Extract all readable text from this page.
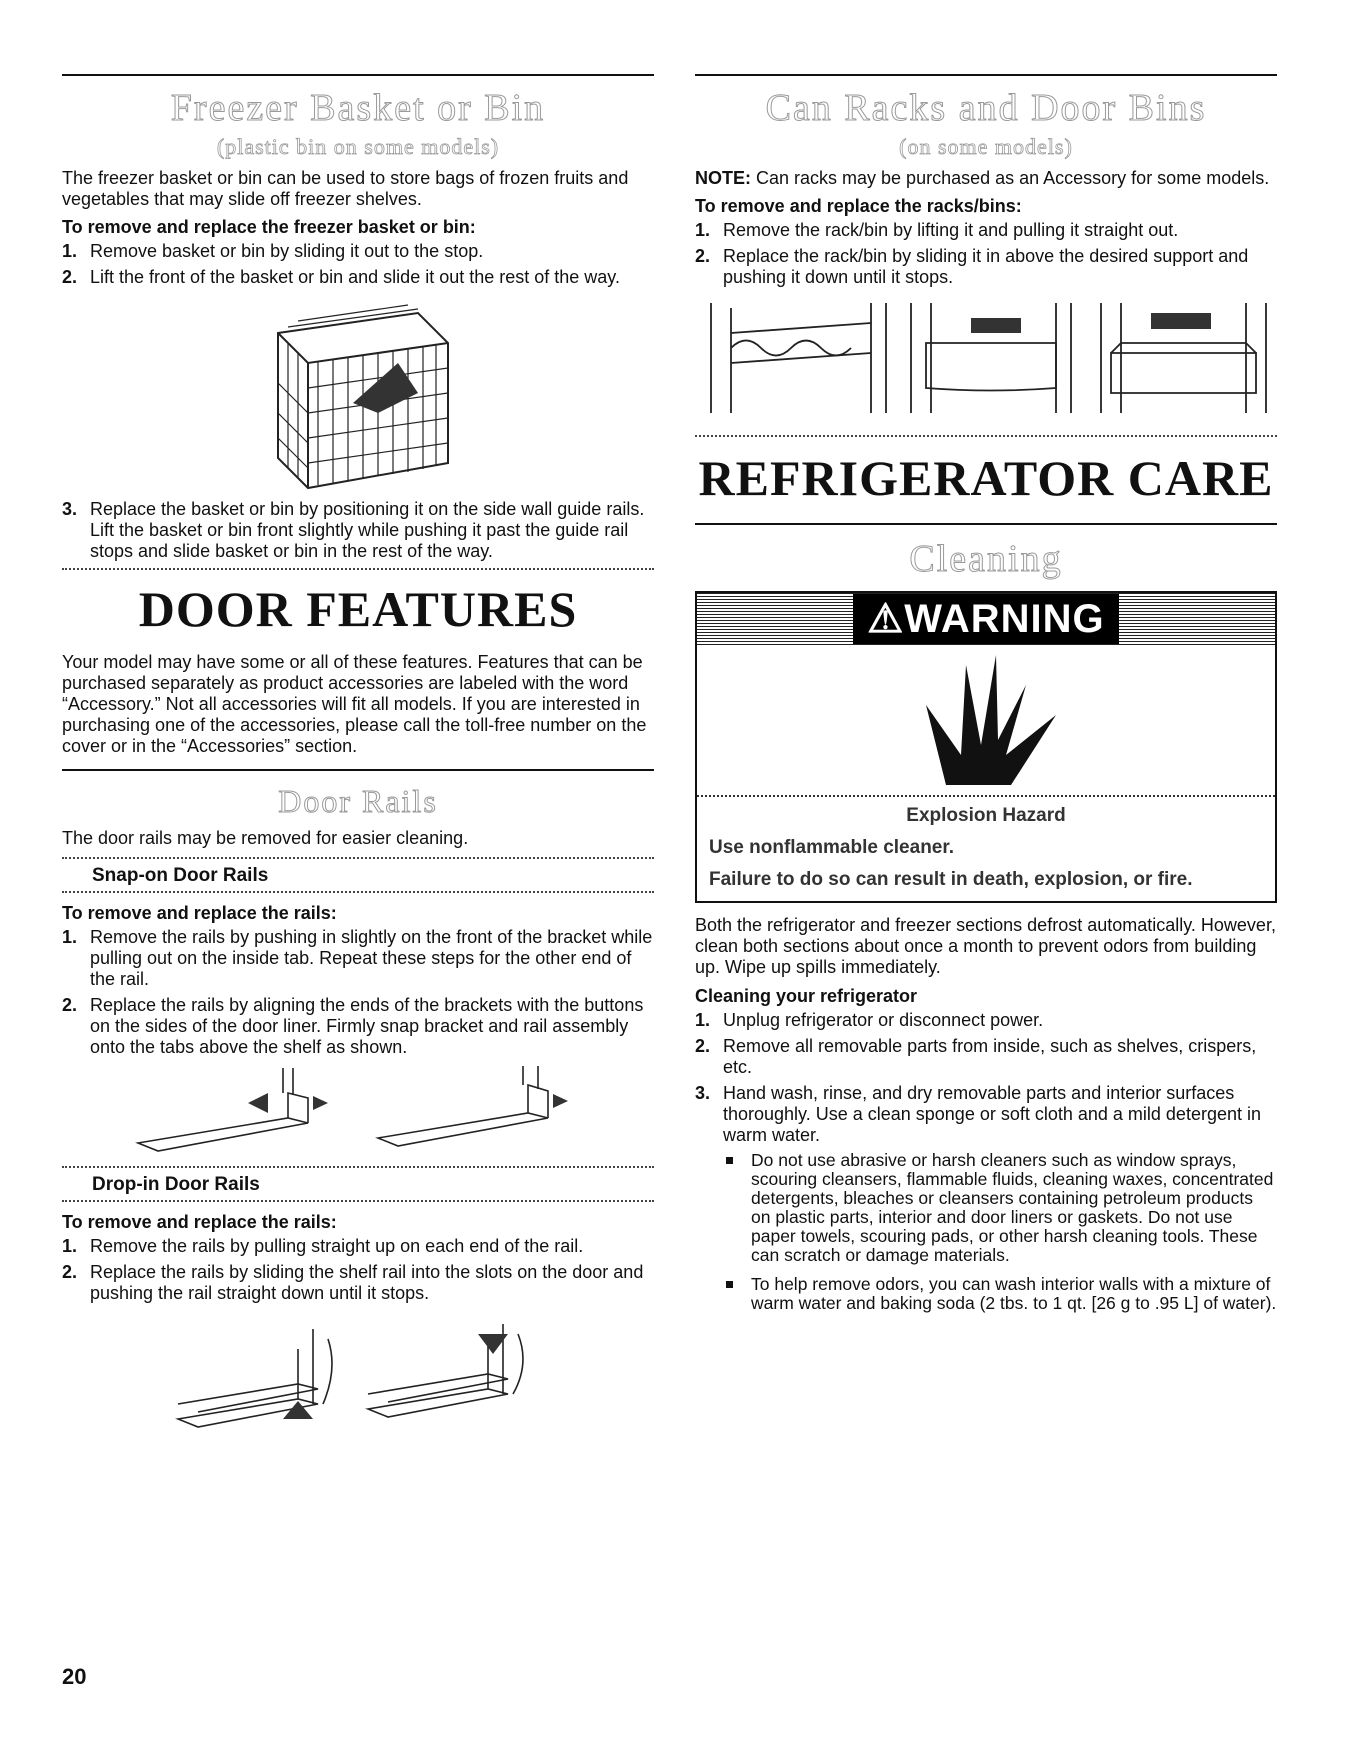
Freezer Basket or Bin
(plastic bin on some models)

The freezer basket or bin can be used to store bags of frozen fruits and vegetables that may slide off freezer shelves.

To remove and replace the freezer basket or bin:

1. Remove basket or bin by sliding it out to the stop.
2. Lift the front of the basket or bin and slide it out the rest of the way.
3. Replace the basket or bin by positioning it on the side wall guide rails. Lift the basket or bin front slightly while pushing it past the guide rail stops and slide basket or bin in the rest of the way.
DOOR FEATURES

Your model may have some or all of these features. Features that can be purchased separately as product accessories are labeled with the word “Accessory.” Not all accessories will fit all models. If you are interested in purchasing one of the accessories, please call the toll-free number on the cover or in the “Accessories” section.

Door Rails

The door rails may be removed for easier cleaning.

Snap-on Door Rails

To remove and replace the rails:

1. Remove the rails by pushing in slightly on the front of the bracket while pulling out on the inside tab. Repeat these steps for the other end of the rail.
2. Replace the rails by aligning the ends of the brackets with the buttons on the sides of the door liner. Firmly snap bracket and rail assembly onto the tabs above the shelf as shown.
Drop-in Door Rails

To remove and replace the rails:

1. Remove the rails by pulling straight up on each end of the rail.
2. Replace the rails by sliding the shelf rail into the slots on the door and pushing the rail straight down until it stops.
Can Racks and Door Bins
(on some models)

NOTE: Can racks may be purchased as an Accessory for some models.

To remove and replace the racks/bins:

1. Remove the rack/bin by lifting it and pulling it straight out.
2. Replace the rack/bin by sliding it in above the desired support and pushing it down until it stops.
REFRIGERATOR CARE
Cleaning
⚠WARNING
Explosion Hazard
Use nonflammable cleaner.
Failure to do so can result in death, explosion, or fire.

Both the refrigerator and freezer sections defrost automatically. However, clean both sections about once a month to prevent odors from building up. Wipe up spills immediately.

Cleaning your refrigerator

1. Unplug refrigerator or disconnect power.
2. Remove all removable parts from inside, such as shelves, crispers, etc.
3. Hand wash, rinse, and dry removable parts and interior surfaces thoroughly. Use a clean sponge or soft cloth and a mild detergent in warm water.
Do not use abrasive or harsh cleaners such as window sprays, scouring cleansers, flammable fluids, cleaning waxes, concentrated detergents, bleaches or cleansers containing petroleum products on plastic parts, interior and door liners or gaskets. Do not use paper towels, scouring pads, or other harsh cleaning tools. These can scratch or damage materials.
To help remove odors, you can wash interior walls with a mixture of warm water and baking soda (2 tbs. to 1 qt. [26 g to .95 L] of water).
20
